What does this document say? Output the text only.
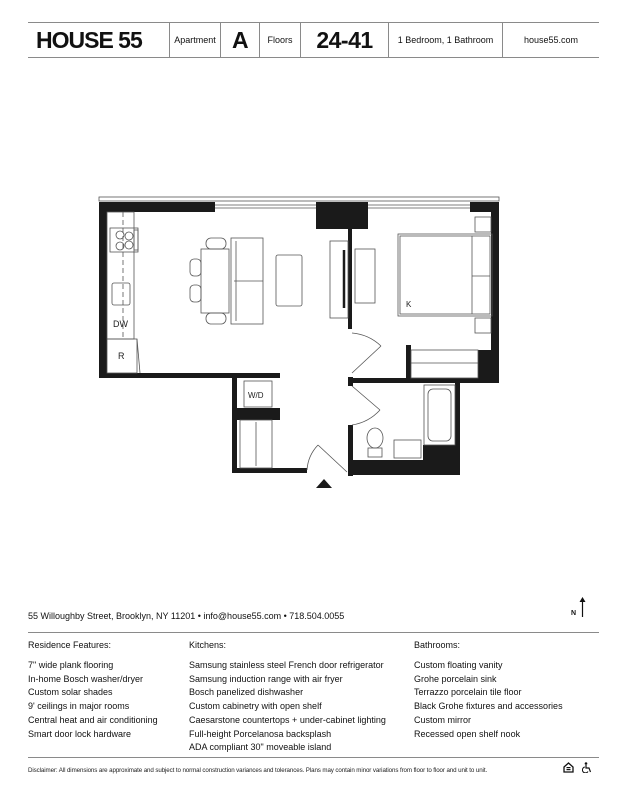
HOUSE 55	Apartment A	Floors	24-41	1 Bedroom, 1 Bathroom	house55.com
DW
R
W/D
K
55 Willoughby Street, Brooklyn, NY 11201 • info@house55.com • 718.504.0055	N
Residence Features:
7" wide plank flooring
In-home Bosch washer/dryer
Custom solar shades
9' ceilings in major rooms
Central heat and air conditioning
Smart door lock hardware
Kitchens:
Samsung stainless steel French door refrigerator
Samsung induction range with air fryer
Bosch panelized dishwasher
Custom cabinetry with open shelf
Caesarstone countertops + under-cabinet lighting
Full-height Porcelanosa backsplash
ADA compliant 30" moveable island
Bathrooms:
Custom floating vanity
Grohe porcelain sink
Terrazzo porcelain tile floor
Black Grohe fixtures and accessories
Custom mirror
Recessed open shelf nook
Disclaimer: All dimensions are approximate and subject to normal construction variances and tolerances. Plans may contain minor variations from floor to floor and unit to unit.
